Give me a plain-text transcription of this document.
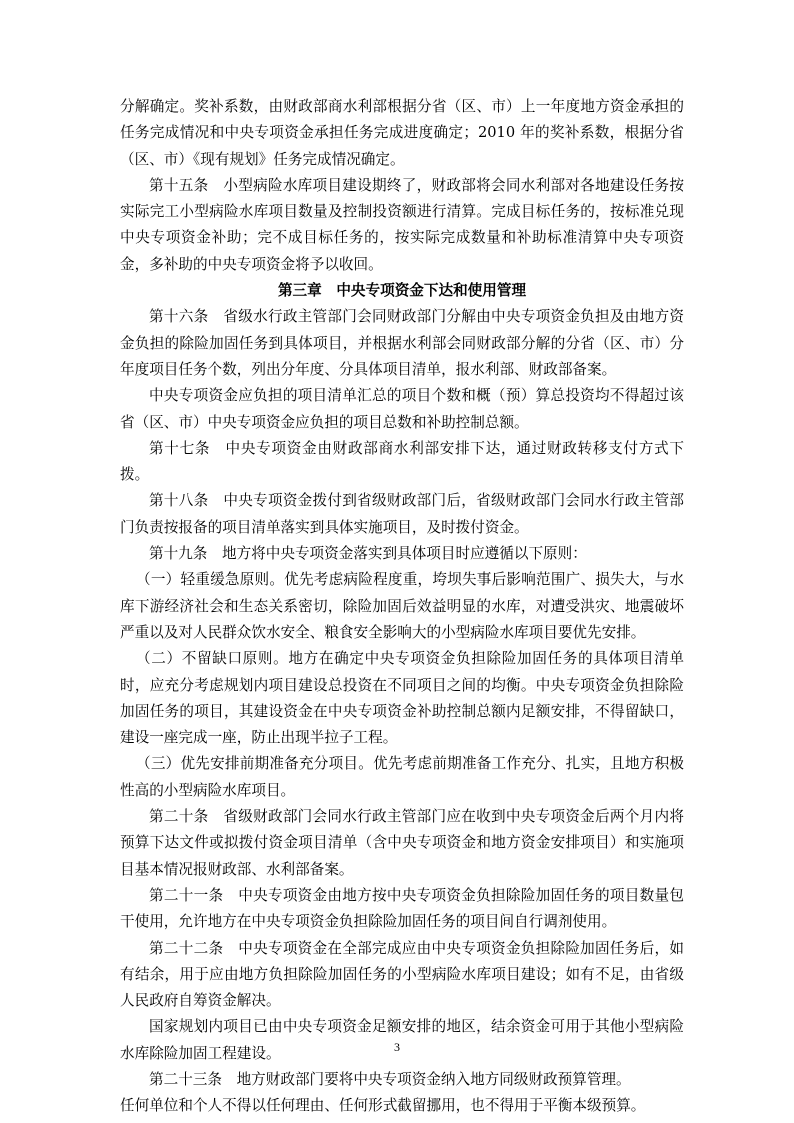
分解确定。奖补系数，由财政部商水利部根据分省（区、市）上一年度地方资金承担的任务完成情况和中央专项资金承担任务完成进度确定；2010 年的奖补系数，根据分省（区、市）《现有规划》任务完成情况确定。

第十五条　小型病险水库项目建设期终了，财政部将会同水利部对各地建设任务按实际完工小型病险水库项目数量及控制投资额进行清算。完成目标任务的，按标准兑现中央专项资金补助；完不成目标任务的，按实际完成数量和补助标准清算中央专项资金，多补助的中央专项资金将予以收回。

第三章　中央专项资金下达和使用管理

第十六条　省级水行政主管部门会同财政部门分解由中央专项资金负担及由地方资金负担的除险加固任务到具体项目，并根据水利部会同财政部分解的分省（区、市）分年度项目任务个数，列出分年度、分具体项目清单，报水利部、财政部备案。

中央专项资金应负担的项目清单汇总的项目个数和概（预）算总投资均不得超过该省（区、市）中央专项资金应负担的项目总数和补助控制总额。

第十七条　中央专项资金由财政部商水利部安排下达，通过财政转移支付方式下拨。

第十八条　中央专项资金拨付到省级财政部门后，省级财政部门会同水行政主管部门负责按报备的项目清单落实到具体实施项目，及时拨付资金。

第十九条　地方将中央专项资金落实到具体项目时应遵循以下原则：

（一）轻重缓急原则。优先考虑病险程度重，垮坝失事后影响范围广、损失大，与水库下游经济社会和生态关系密切，除险加固后效益明显的水库，对遭受洪灾、地震破坏严重以及对人民群众饮水安全、粮食安全影响大的小型病险水库项目要优先安排。

（二）不留缺口原则。地方在确定中央专项资金负担除险加固任务的具体项目清单时，应充分考虑规划内项目建设总投资在不同项目之间的均衡。中央专项资金负担除险加固任务的项目，其建设资金在中央专项资金补助控制总额内足额安排，不得留缺口，建设一座完成一座，防止出现半拉子工程。

（三）优先安排前期准备充分项目。优先考虑前期准备工作充分、扎实，且地方积极性高的小型病险水库项目。

第二十条　省级财政部门会同水行政主管部门应在收到中央专项资金后两个月内将预算下达文件或拟拨付资金项目清单（含中央专项资金和地方资金安排项目）和实施项目基本情况报财政部、水利部备案。

第二十一条　中央专项资金由地方按中央专项资金负担除险加固任务的项目数量包干使用，允许地方在中央专项资金负担除险加固任务的项目间自行调剂使用。

第二十二条　中央专项资金在全部完成应由中央专项资金负担除险加固任务后，如有结余，用于应由地方负担除险加固任务的小型病险水库项目建设；如有不足，由省级人民政府自筹资金解决。

国家规划内项目已由中央专项资金足额安排的地区，结余资金可用于其他小型病险水库除险加固工程建设。

第二十三条　地方财政部门要将中央专项资金纳入地方同级财政预算管理。

任何单位和个人不得以任何理由、任何形式截留挪用，也不得用于平衡本级预算。

3
